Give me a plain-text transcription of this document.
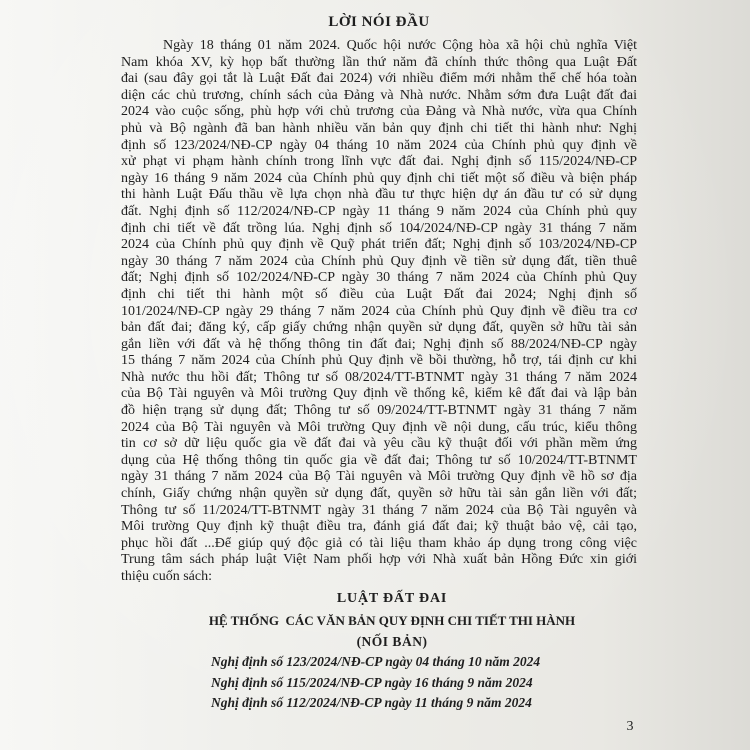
LỜI NÓI ĐẦU
Ngày 18 tháng 01 năm 2024. Quốc hội nước Cộng hòa xã hội chủ nghĩa Việt
Nam khóa XV, kỳ họp bất thường lần thứ năm đã chính thức thông qua Luật Đất
đai (sau đây gọi tắt là Luật Đất đai 2024) với nhiều điểm mới nhằm thể chế hóa toàn
diện các chủ trương, chính sách của Đảng và Nhà nước. Nhằm sớm đưa Luật đất đai
2024 vào cuộc sống, phù hợp với chủ trương của Đảng và Nhà nước, vừa qua Chính
phủ và Bộ ngành đã ban hành nhiều văn bản quy định chi tiết thi hành như: Nghị
định số 123/2024/NĐ-CP ngày 04 tháng 10 năm 2024 của Chính phủ quy định về
xử phạt vi phạm hành chính trong lĩnh vực đất đai. Nghị định số 115/2024/NĐ-CP
ngày 16 tháng 9 năm 2024 của Chính phủ quy định chi tiết một số điều và biện pháp
thi hành Luật Đấu thầu về lựa chọn nhà đầu tư thực hiện dự án đầu tư có sử dụng
đất. Nghị định số 112/2024/NĐ-CP ngày 11 tháng 9 năm 2024 của Chính phủ quy
định chi tiết về đất trồng lúa. Nghị định số 104/2024/NĐ-CP ngày 31 tháng 7 năm
2024 của Chính phủ quy định về Quỹ phát triển đất; Nghị định số 103/2024/NĐ-CP
ngày 30 tháng 7 năm 2024 của Chính phủ Quy định về tiền sử dụng đất, tiền thuê
đất; Nghị định số 102/2024/NĐ-CP ngày 30 tháng 7 năm 2024 của Chính phủ Quy
định chi tiết thi hành một số điều của Luật Đất đai 2024; Nghị định số
101/2024/NĐ-CP ngày 29 tháng 7 năm 2024 của Chính phủ Quy định về điều tra cơ
bản đất đai; đăng ký, cấp giấy chứng nhận quyền sử dụng đất, quyền sở hữu tài sản
gắn liền với đất và hệ thống thông tin đất đai; Nghị định số 88/2024/NĐ-CP ngày
15 tháng 7 năm 2024 của Chính phủ Quy định về bồi thường, hỗ trợ, tái định cư khi
Nhà nước thu hồi đất; Thông tư số 08/2024/TT-BTNMT ngày 31 tháng 7 năm 2024
của Bộ Tài nguyên và Môi trường Quy định về thống kê, kiểm kê đất đai và lập bản
đồ hiện trạng sử dụng đất; Thông tư số 09/2024/TT-BTNMT ngày 31 tháng 7 năm
2024 của Bộ Tài nguyên và Môi trường Quy định về nội dung, cấu trúc, kiểu thông
tin cơ sở dữ liệu quốc gia về đất đai và yêu cầu kỹ thuật đối với phần mềm ứng
dụng của Hệ thống thông tin quốc gia về đất đai; Thông tư số 10/2024/TT-BTNMT
ngày 31 tháng 7 năm 2024 của Bộ Tài nguyên và Môi trường Quy định về hồ sơ địa
chính, Giấy chứng nhận quyền sử dụng đất, quyền sở hữu tài sản gắn liền với đất;
Thông tư số 11/2024/TT-BTNMT ngày 31 tháng 7 năm 2024 của Bộ Tài nguyên và
Môi trường Quy định kỹ thuật điều tra, đánh giá đất đai; kỹ thuật bảo vệ, cải tạo,
phục hồi đất ...Để giúp quý độc giả có tài liệu tham khảo áp dụng trong công việc
Trung tâm sách pháp luật Việt Nam phối hợp với Nhà xuất bản Hồng Đức xin giới
thiệu cuốn sách:
LUẬT ĐẤT ĐAI
HỆ THỐNG  CÁC VĂN BẢN QUY ĐỊNH CHI TIẾT THI HÀNH
(NỐI BẢN)
Nghị định số 123/2024/NĐ-CP ngày 04 tháng 10 năm 2024
Nghị định số 115/2024/NĐ-CP ngày 16 tháng 9 năm 2024
Nghị định số 112/2024/NĐ-CP ngày 11 tháng 9 năm 2024
3
